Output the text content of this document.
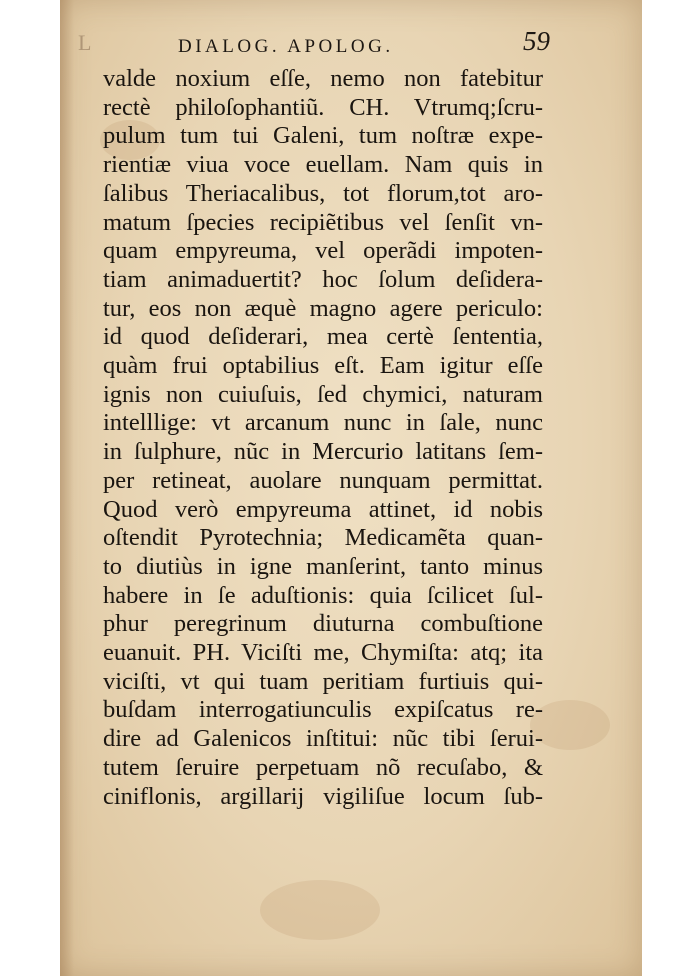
L	DIALOG. APOLOG.	59
valde noxium eſſe, nemo non fatebitur
rectè philoſophantiũ. CH. Vtrumq;ſcru-
pulum tum tui Galeni, tum noſtræ expe-
rientiæ viua voce euellam. Nam quis in
ſalibus Theriacalibus, tot florum,tot aro-
matum ſpecies recipiẽtibus vel ſenſit vn-
quam empyreuma, vel operãdi impoten-
tiam animaduertit? hoc ſolum deſidera-
tur, eos non æquè magno agere periculo:
id quod deſiderari, mea certè ſententia,
quàm frui optabilius eſt. Eam igitur eſſe
ignis non cuiuſuis, ſed chymici, naturam
intelllige: vt arcanum nunc in ſale, nunc
in ſulphure, nũc in Mercurio latitans ſem-
per retineat, auolare nunquam permittat.
Quod verò empyreuma attinet, id nobis
oſtendit Pyrotechnia; Medicamẽta quan-
to diutiùs in igne manſerint, tanto minus
habere in ſe aduſtionis: quia ſcilicet ſul-
phur peregrinum diuturna combuſtione
euanuit. PH. Viciſti me, Chymiſta: atq; ita
viciſti, vt qui tuam peritiam furtiuis qui-
buſdam interrogatiunculis expiſcatus re-
dire ad Galenicos inſtitui: nũc tibi ſerui-
tutem ſeruire perpetuam nõ recuſabo, &
ciniflonis, argillarij vigiliſue locum ſub-
